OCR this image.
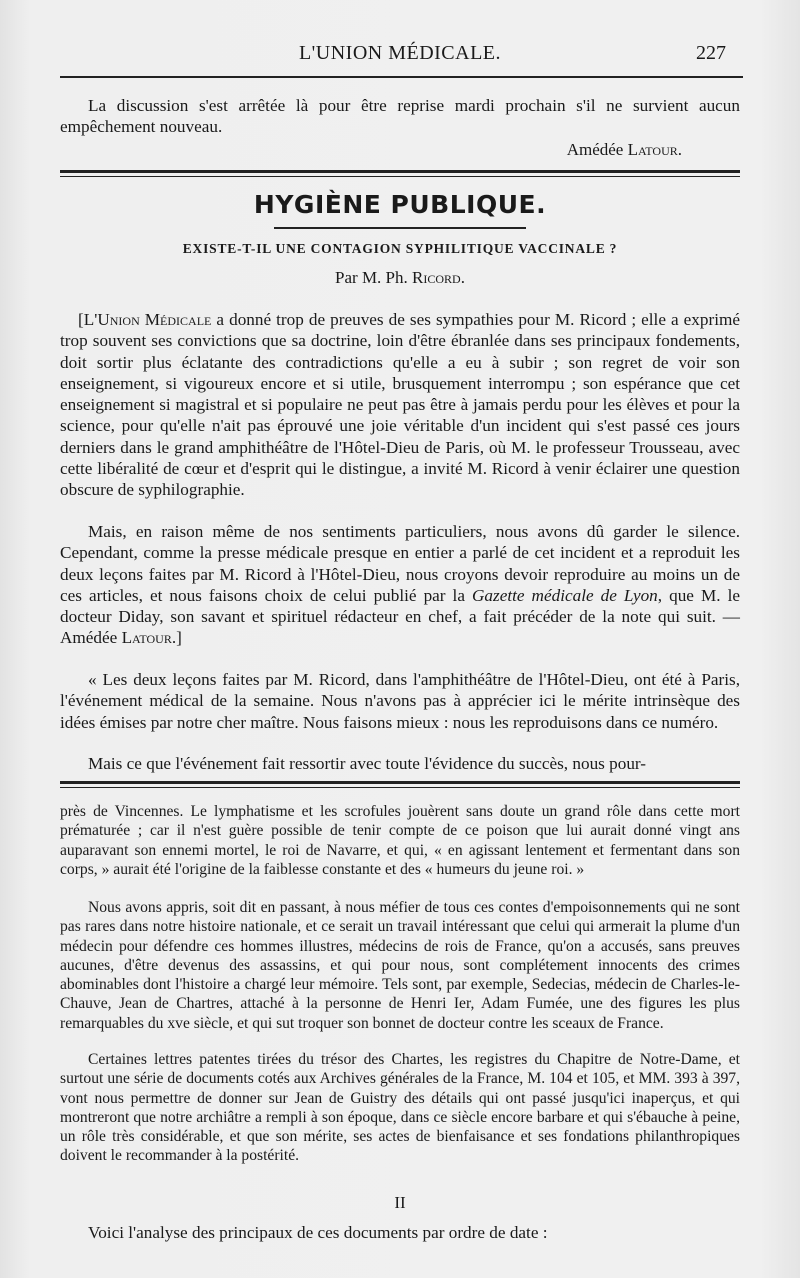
L'UNION MÉDICALE.	227
La discussion s'est arrêtée là pour être reprise mardi prochain s'il ne survient aucun empêchement nouveau.
Amédée Latour.
HYGIÈNE PUBLIQUE.
EXISTE-T-IL UNE CONTAGION SYPHILITIQUE VACCINALE ?
Par M. Ph. Ricord.
[L'Union Médicale a donné trop de preuves de ses sympathies pour M. Ricord ; elle a exprimé trop souvent ses convictions que sa doctrine, loin d'être ébranlée dans ses principaux fondements, doit sortir plus éclatante des contradictions qu'elle a eu à subir ; son regret de voir son enseignement, si vigoureux encore et si utile, brusquement interrompu ; son espérance que cet enseignement si magistral et si populaire ne peut pas être à jamais perdu pour les élèves et pour la science, pour qu'elle n'ait pas éprouvé une joie véritable d'un incident qui s'est passé ces jours derniers dans le grand amphithéâtre de l'Hôtel-Dieu de Paris, où M. le professeur Trousseau, avec cette libéralité de cœur et d'esprit qui le distingue, a invité M. Ricord à venir éclairer une question obscure de syphilographie.
Mais, en raison même de nos sentiments particuliers, nous avons dû garder le silence. Cependant, comme la presse médicale presque en entier a parlé de cet incident et a reproduit les deux leçons faites par M. Ricord à l'Hôtel-Dieu, nous croyons devoir reproduire au moins un de ces articles, et nous faisons choix de celui publié par la Gazette médicale de Lyon, que M. le docteur Diday, son savant et spirituel rédacteur en chef, a fait précéder de la note qui suit. — Amédée Latour.]
« Les deux leçons faites par M. Ricord, dans l'amphithéâtre de l'Hôtel-Dieu, ont été à Paris, l'événement médical de la semaine. Nous n'avons pas à apprécier ici le mérite intrinsèque des idées émises par notre cher maître. Nous faisons mieux : nous les reproduisons dans ce numéro.
Mais ce que l'événement fait ressortir avec toute l'évidence du succès, nous pour-
près de Vincennes. Le lymphatisme et les scrofules jouèrent sans doute un grand rôle dans cette mort prématurée ; car il n'est guère possible de tenir compte de ce poison que lui aurait donné vingt ans auparavant son ennemi mortel, le roi de Navarre, et qui, « en agissant lentement et fermentant dans son corps, » aurait été l'origine de la faiblesse constante et des « humeurs du jeune roi. »
Nous avons appris, soit dit en passant, à nous méfier de tous ces contes d'empoisonnements qui ne sont pas rares dans notre histoire nationale, et ce serait un travail intéressant que celui qui armerait la plume d'un médecin pour défendre ces hommes illustres, médecins de rois de France, qu'on a accusés, sans preuves aucunes, d'être devenus des assassins, et qui pour nous, sont complétement innocents des crimes abominables dont l'histoire a chargé leur mémoire. Tels sont, par exemple, Sedecias, médecin de Charles-le-Chauve, Jean de Chartres, attaché à la personne de Henri Ier, Adam Fumée, une des figures les plus remarquables du xve siècle, et qui sut troquer son bonnet de docteur contre les sceaux de France.
Certaines lettres patentes tirées du trésor des Chartes, les registres du Chapitre de Notre-Dame, et surtout une série de documents cotés aux Archives générales de la France, M. 104 et 105, et MM. 393 à 397, vont nous permettre de donner sur Jean de Guistry des détails qui ont passé jusqu'ici inaperçus, et qui montreront que notre archiâtre a rempli à son époque, dans ce siècle encore barbare et qui s'ébauche à peine, un rôle très considérable, et que son mérite, ses actes de bienfaisance et ses fondations philanthropiques doivent le recommander à la postérité.
II
Voici l'analyse des principaux de ces documents par ordre de date :
